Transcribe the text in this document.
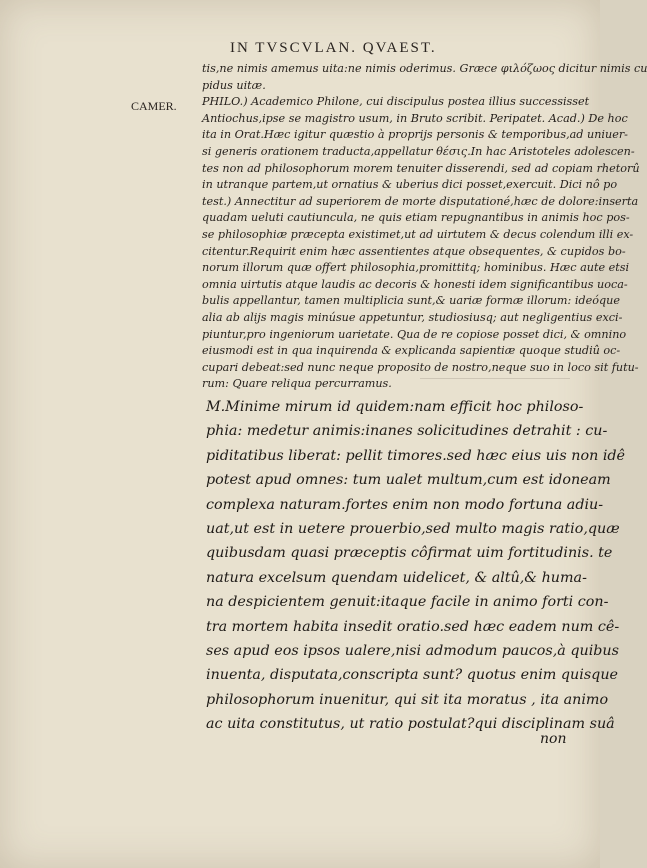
IN TVSCVLAN. QVAEST.
CAMER.

tis,ne nimis amemus uita:ne nimis oderimus. Græce φιλόζωος dicitur nimis cu

pidus uitæ.

PHILO.) Academico Philone, cui discipulus postea illius successisset

Antiochus,ipse se magistro usum, in Bruto scribit. Peripatet. Acad.) De hoc

ita in Orat.Hæc igitur quæstio à proprijs personis & temporibus,ad uniuer-

si generis orationem traducta,appellatur θέσις.In hac Aristoteles adolescen-

tes non ad philosophorum morem tenuiter disserendi, sed ad copiam rhetorû

in utranque partem,ut ornatius & uberius dici posset,exercuit. Dici nô po

test.) Annectitur ad superiorem de morte disputationé,hæc de dolore:inserta

quadam ueluti cautiuncula, ne quis etiam repugnantibus in animis hoc pos-

se philosophiæ præcepta existimet,ut ad uirtutem & decus colendum illi ex-

citentur.Requirit enim hæc assentientes atque obsequentes, & cupidos bo-

norum illorum quæ offert philosophia,promittitq; hominibus. Hæc aute etsi

omnia uirtutis atque laudis ac decoris & honesti idem significantibus uoca-

bulis appellantur, tamen multiplicia sunt,& uariæ formæ illorum: ideóque

alia ab alijs magis minúsue appetuntur, studiosiusq; aut negligentius exci-

piuntur,pro ingeniorum uarietate. Qua de re copiose posset dici, & omnino

eiusmodi est in qua inquirenda & explicanda sapientiæ quoque studiû oc-

cupari debeat:sed nunc neque proposito de nostro,neque suo in loco sit futu-

rum: Quare reliqua percurramus.

M.Minime mirum id quidem:nam efficit hoc philoso-

phia: medetur animis:inanes solicitudines detrahit : cu-

piditatibus liberat: pellit timores.sed hæc eius uis non idê

potest apud omnes: tum ualet multum,cum est idoneam

complexa naturam.fortes enim non modo fortuna adiu-

uat,ut est in uetere prouerbio,sed multo magis ratio,quæ

quibusdam quasi præceptis côfirmat uim fortitudinis. te

natura excelsum quendam uidelicet, & altû,& huma-

na despicientem genuit:itaque facile in animo forti con-

tra mortem habita insedit oratio.sed hæc eadem num cê-

ses apud eos ipsos ualere,nisi admodum paucos,à quibus

inuenta, disputata,conscripta sunt? quotus enim quisque

philosophorum inuenitur, qui sit ita moratus , ita animo

ac uita constitutus, ut ratio postulat?qui disciplinam suâ

non
